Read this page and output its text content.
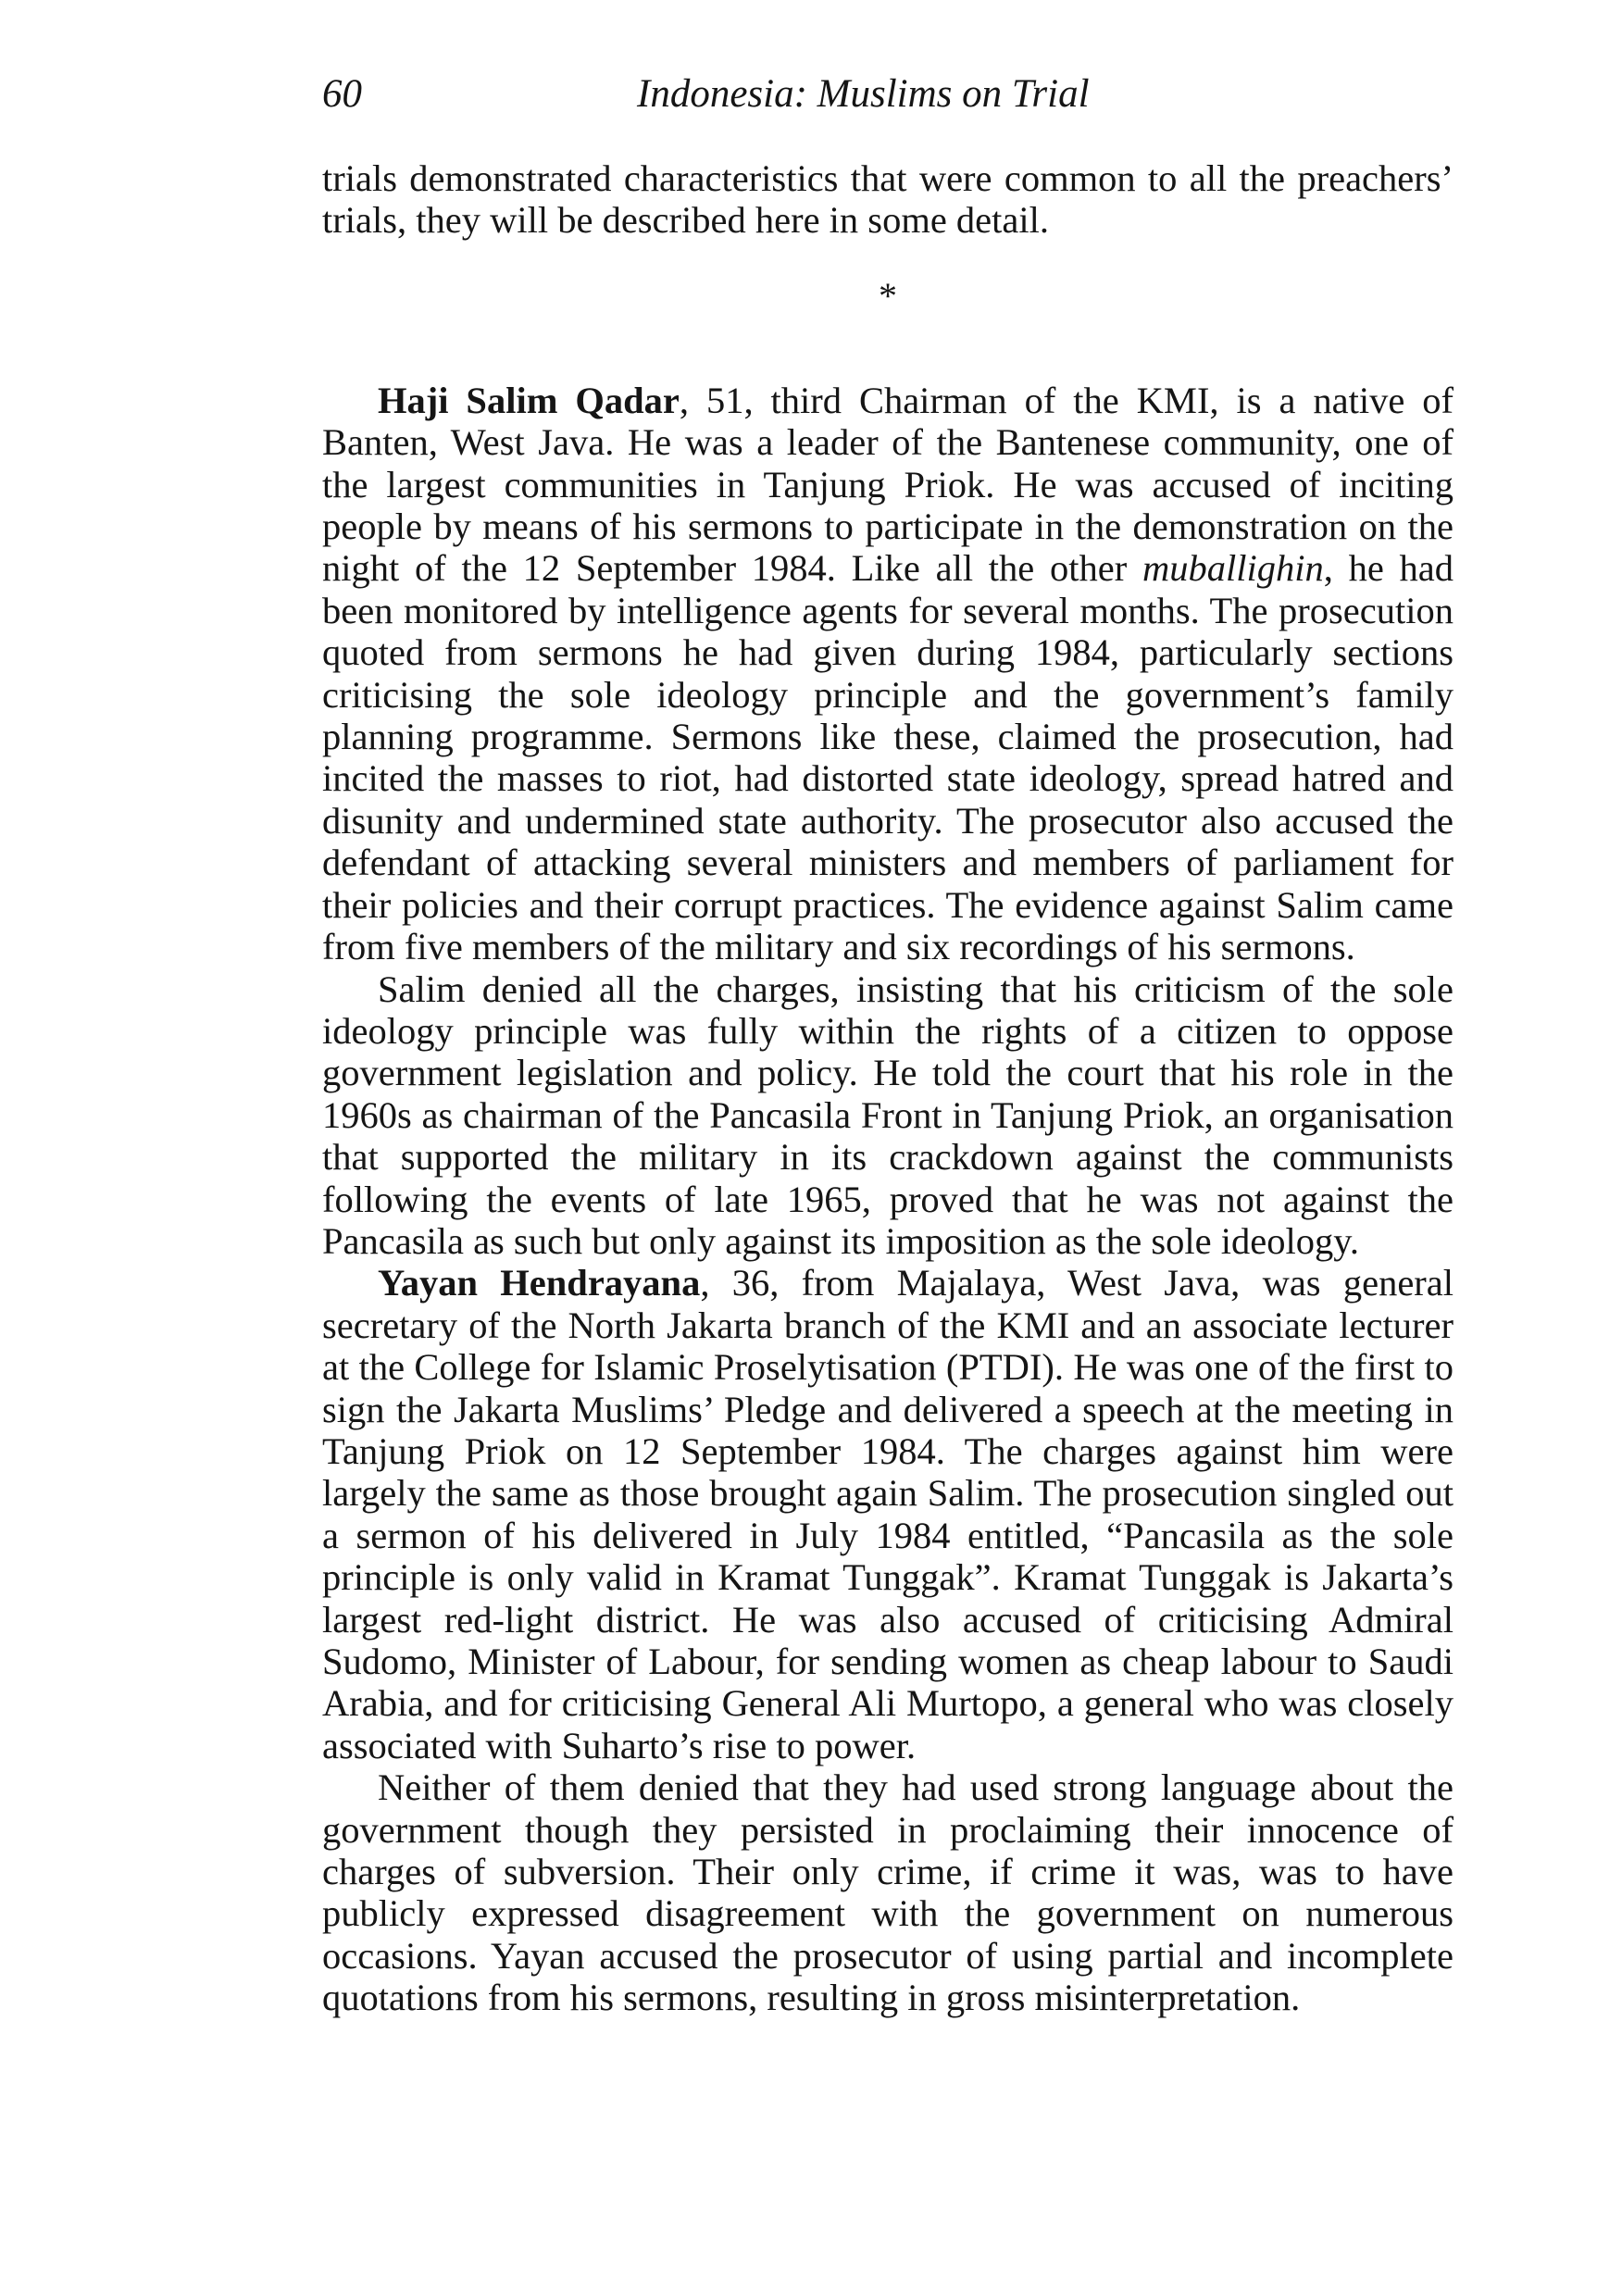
60	Indonesia: Muslims on Trial

trials demonstrated characteristics that were common to all the preachers’ trials, they will be described here in some detail.

*

Haji Salim Qadar, 51, third Chairman of the KMI, is a native of Banten, West Java. He was a leader of the Bantenese community, one of the largest communities in Tanjung Priok. He was accused of inciting people by means of his sermons to participate in the demonstration on the night of the 12 September 1984. Like all the other muballighin, he had been monitored by intelligence agents for several months. The prosecution quoted from sermons he had given during 1984, particularly sections criticising the sole ideology principle and the government’s family planning programme. Sermons like these, claimed the prosecution, had incited the masses to riot, had distorted state ideology, spread hatred and disunity and undermined state authority. The prosecutor also accused the defendant of attacking several ministers and members of parliament for their policies and their corrupt practices. The evidence against Salim came from five members of the military and six recordings of his sermons.

Salim denied all the charges, insisting that his criticism of the sole ideology principle was fully within the rights of a citizen to oppose government legislation and policy. He told the court that his role in the 1960s as chairman of the Pancasila Front in Tanjung Priok, an organisation that supported the military in its crackdown against the communists following the events of late 1965, proved that he was not against the Pancasila as such but only against its imposition as the sole ideology.

Yayan Hendrayana, 36, from Majalaya, West Java, was general secretary of the North Jakarta branch of the KMI and an associate lecturer at the College for Islamic Proselytisation (PTDI). He was one of the first to sign the Jakarta Muslims’ Pledge and delivered a speech at the meeting in Tanjung Priok on 12 September 1984. The charges against him were largely the same as those brought again Salim. The prosecution singled out a sermon of his delivered in July 1984 entitled, “Pancasila as the sole principle is only valid in Kramat Tunggak”. Kramat Tunggak is Jakarta’s largest red-light district. He was also accused of criticising Admiral Sudomo, Minister of Labour, for sending women as cheap labour to Saudi Arabia, and for criticising General Ali Murtopo, a general who was closely associated with Suharto’s rise to power.

Neither of them denied that they had used strong language about the government though they persisted in proclaiming their innocence of charges of subversion. Their only crime, if crime it was, was to have publicly expressed disagreement with the government on numerous occasions. Yayan accused the prosecutor of using partial and incomplete quotations from his sermons, resulting in gross misinterpretation.
